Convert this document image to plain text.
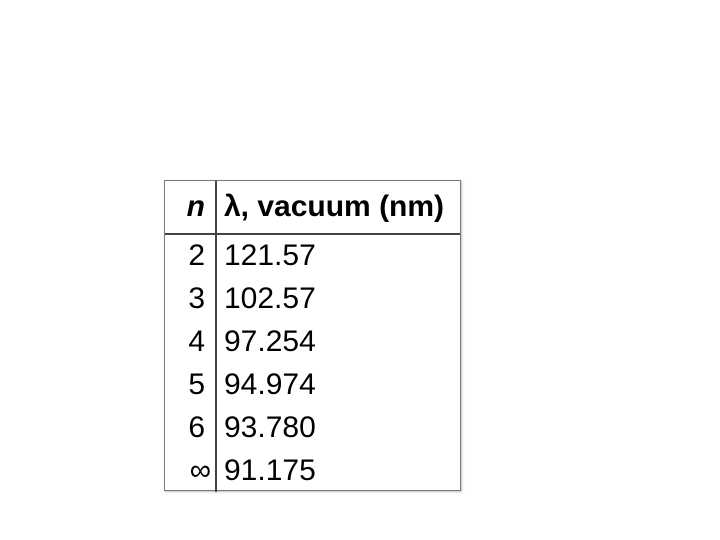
n	λ, vacuum (nm)
2	121.57
3	102.57
4	97.254
5	94.974
6	93.780
∞	91.175
